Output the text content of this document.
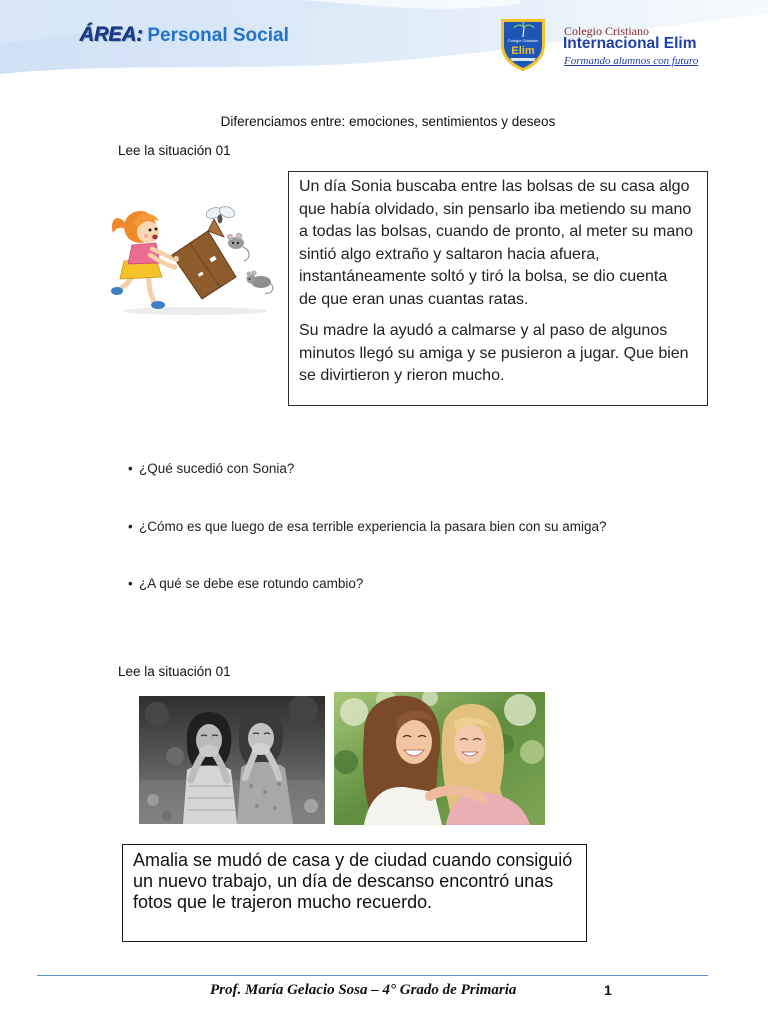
ÁREA: Personal Social	Colegio Cristiano
Elim
Colegio Cristiano
Internacional Elim
Formando alumnos con futuro
Diferenciamos entre: emociones, sentimientos y deseos
Lee la situación 01
Un día Sonia buscaba entre las bolsas de su casa algo
que había olvidado, sin pensarlo iba metiendo su mano
a todas las bolsas, cuando de pronto, al meter su mano
sintió algo extraño y saltaron hacia afuera,
instantáneamente soltó y tiró la bolsa, se dio cuenta
de que eran unas cuantas ratas.
Su madre la ayudó a calmarse y al paso de algunos
minutos llegó su amiga y se pusieron a jugar. Que bien
se divirtieron y rieron mucho.
• ¿Qué sucedió con Sonia?
• ¿Cómo es que luego de esa terrible experiencia la pasara bien con su amiga?
• ¿A qué se debe ese rotundo cambio?
Lee la situación 01
Amalia se mudó de casa y de ciudad cuando consiguió
un nuevo trabajo, un día de descanso encontró unas
fotos que le trajeron mucho recuerdo.
Prof. María Gelacio Sosa – 4° Grado de Primaria	1
